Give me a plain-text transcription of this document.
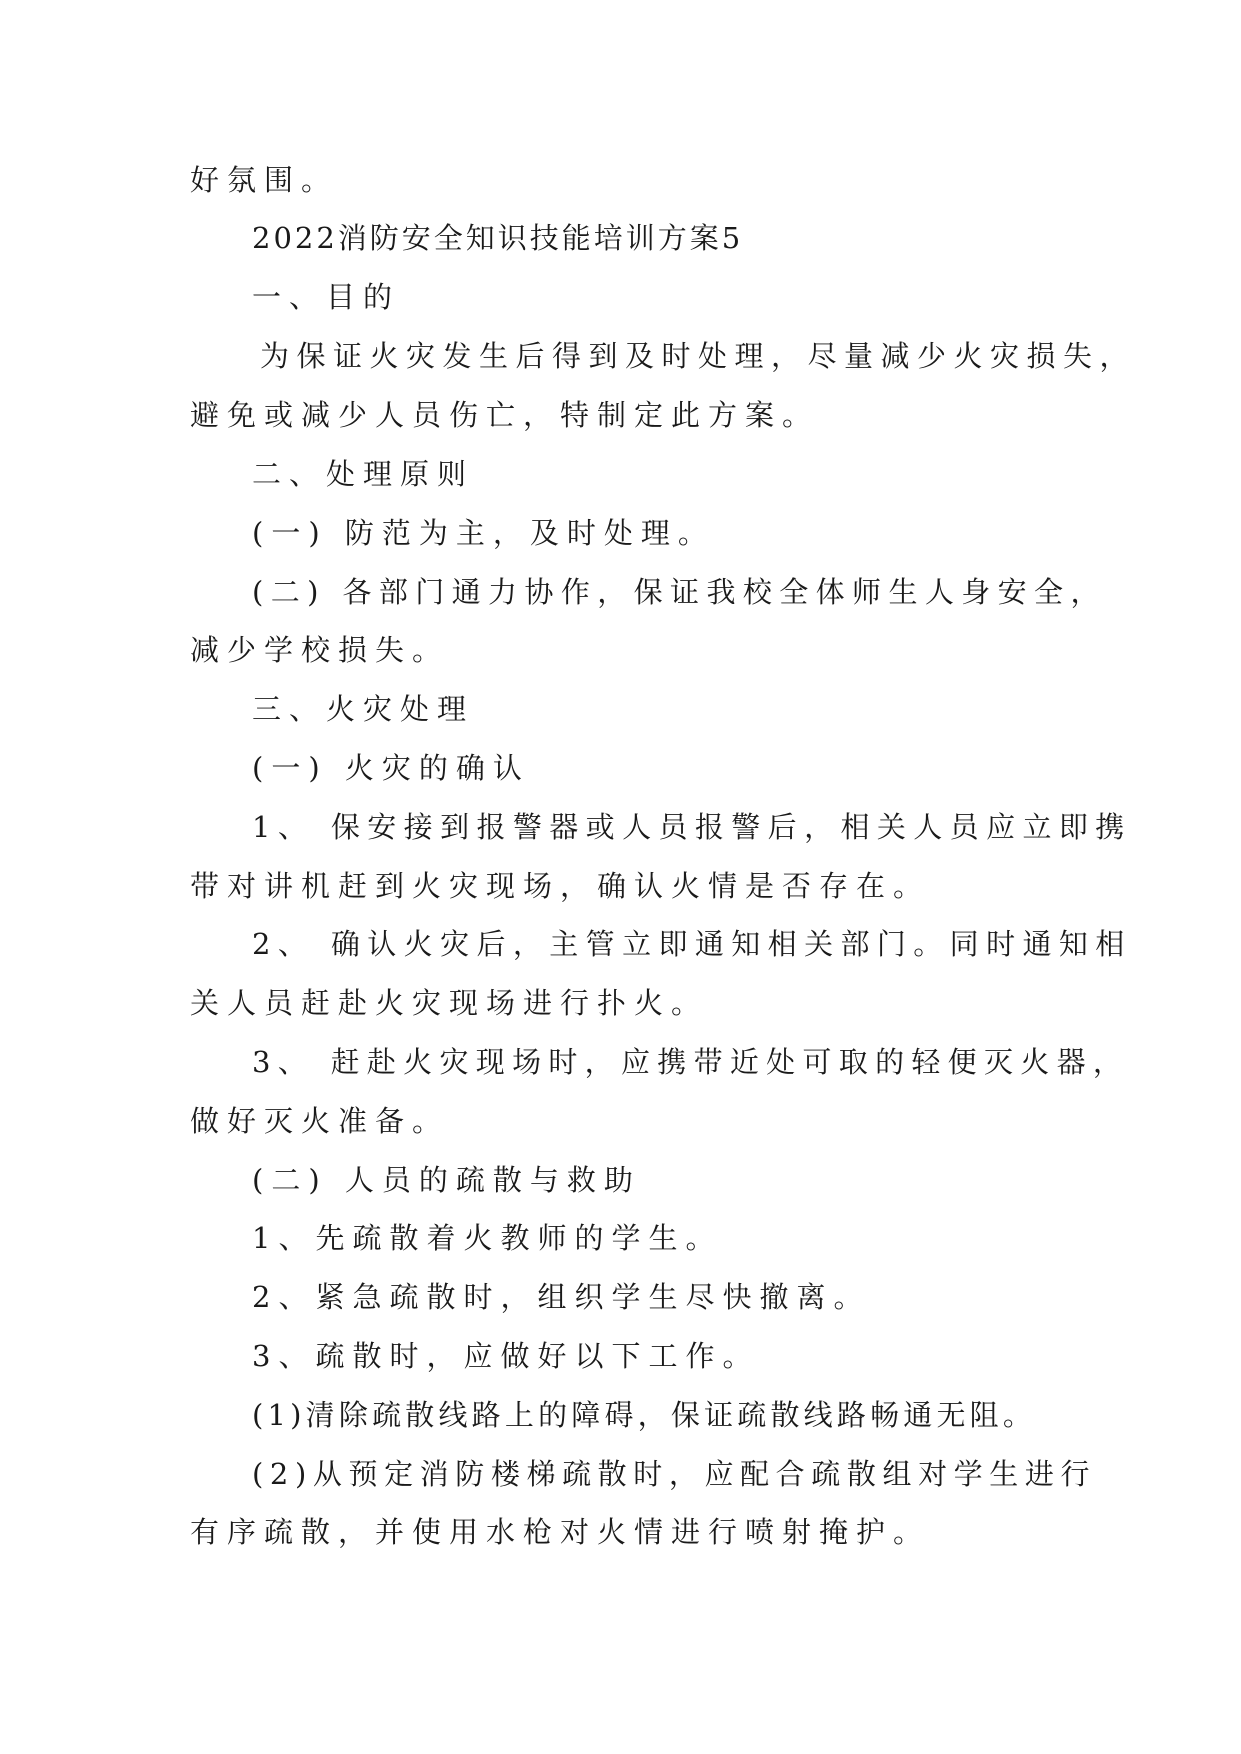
好氛围。
2022消防安全知识技能培训方案5
一、目的
为保证火灾发生后得到及时处理，尽量减少火灾损失，
避免或减少人员伤亡，特制定此方案。
二、处理原则
(一) 防范为主，及时处理。
(二) 各部门通力协作，保证我校全体师生人身安全，
减少学校损失。
三、火灾处理
(一) 火灾的确认
1、 保安接到报警器或人员报警后，相关人员应立即携
带对讲机赶到火灾现场，确认火情是否存在。
2、 确认火灾后，主管立即通知相关部门。同时通知相
关人员赶赴火灾现场进行扑火。
3、 赶赴火灾现场时，应携带近处可取的轻便灭火器，
做好灭火准备。
(二) 人员的疏散与救助
1、先疏散着火教师的学生。
2、紧急疏散时，组织学生尽快撤离。
3、疏散时，应做好以下工作。
(1)清除疏散线路上的障碍，保证疏散线路畅通无阻。
(2)从预定消防楼梯疏散时，应配合疏散组对学生进行
有序疏散，并使用水枪对火情进行喷射掩护。
